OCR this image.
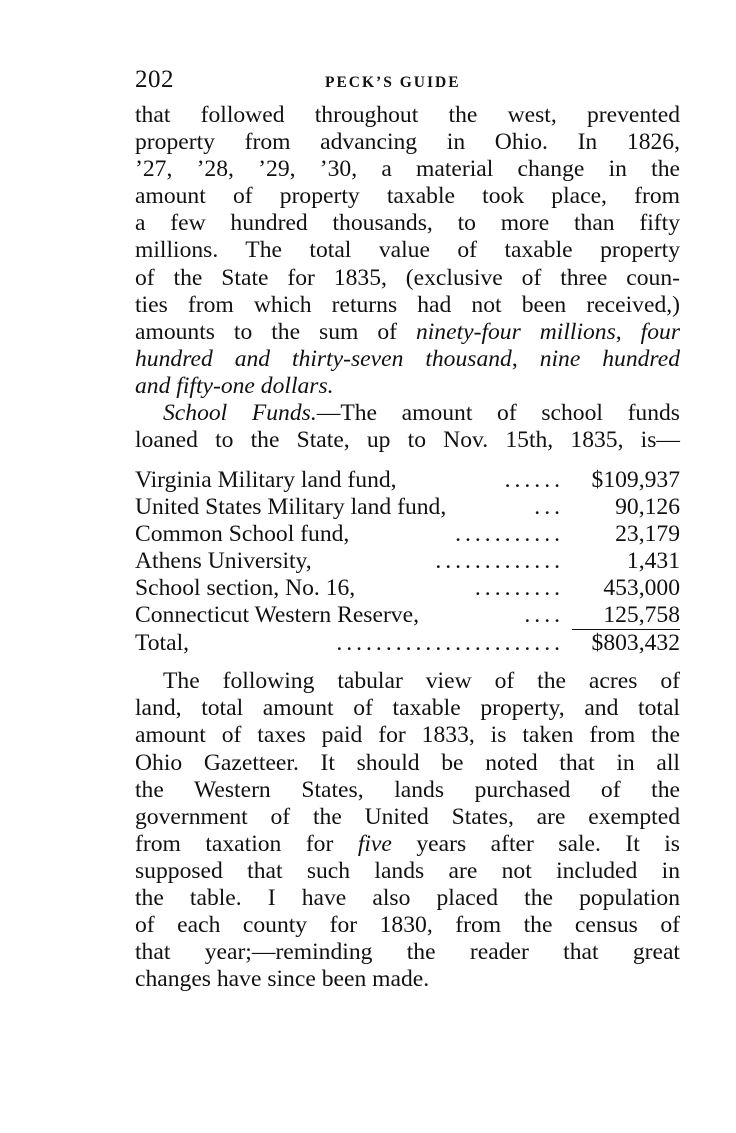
202	PECK’S GUIDE

that followed throughout the west, prevented
property from advancing in Ohio. In 1826,
’27, ’28, ’29, ’30, a material change in the
amount of property taxable took place, from
a few hundred thousands, to more than fifty
millions. The total value of taxable property
of the State for 1835, (exclusive of three coun-
ties from which returns had not been received,)
amounts to the sum of ninety-four millions, four
hundred and thirty-seven thousand, nine hundred
and fifty-one dollars.

School Funds.—The amount of school funds
loaned to the State, up to Nov. 15th, 1835, is—

Virginia Military land fund,	......	$109,937
United States Military land fund,	...	90,126
Common School fund,	...........	23,179
Athens University,	.............	1,431
School section, No. 16,	.........	453,000
Connecticut Western Reserve,	....	125,758
Total,	.......................	$803,432

The following tabular view of the acres of
land, total amount of taxable property, and total
amount of taxes paid for 1833, is taken from the
Ohio Gazetteer. It should be noted that in all
the Western States, lands purchased of the
government of the United States, are exempted
from taxation for five years after sale. It is
supposed that such lands are not included in
the table. I have also placed the population
of each county for 1830, from the census of
that year;—reminding the reader that great
changes have since been made.
